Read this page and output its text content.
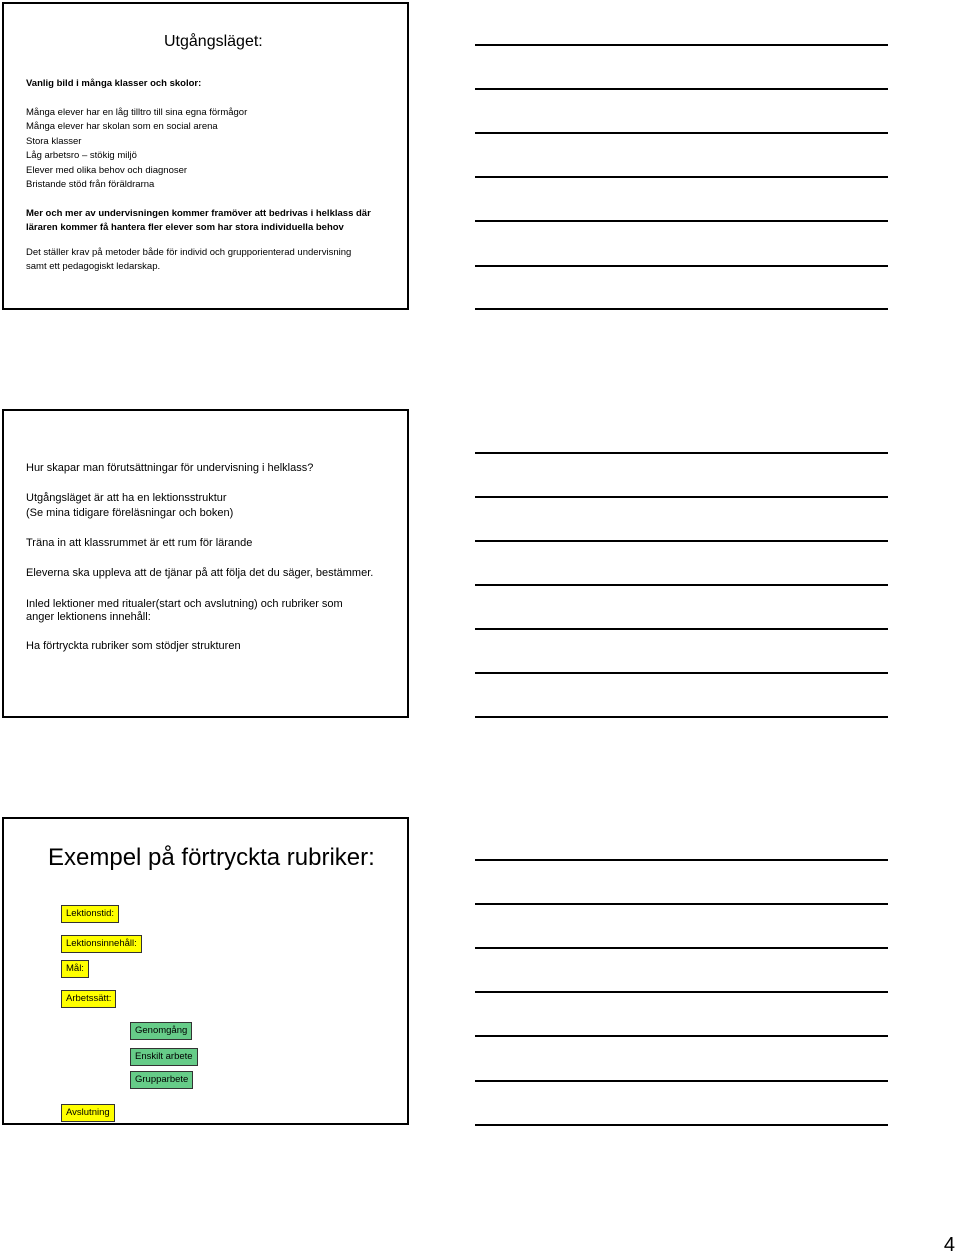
Utgångsläget:
Vanlig bild i många klasser och skolor:
Många elever har en låg tilltro till sina egna förmågor
Många elever har skolan som en social arena
Stora klasser
Låg arbetsro – stökig miljö
Elever med olika behov och diagnoser
Bristande stöd från föräldrarna
Mer och mer av undervisningen kommer framöver att bedrivas i helklass där
läraren kommer få hantera fler elever som har stora individuella behov
Det ställer krav på metoder både för individ och grupporienterad undervisning
samt ett pedagogiskt ledarskap.
Hur skapar man förutsättningar för undervisning i helklass?
Utgångsläget är att ha en lektionsstruktur
(Se mina tidigare föreläsningar och boken)
Träna in att klassrummet är ett rum för lärande
Eleverna ska uppleva att de tjänar på att följa det du säger, bestämmer.
Inled lektioner med ritualer(start och avslutning) och rubriker som
anger lektionens innehåll:
Ha förtryckta rubriker som stödjer strukturen
Exempel på förtryckta rubriker:
Lektionstid:
Lektionsinnehåll:
Mål:
Arbetssätt:
Genomgång
Enskilt arbete
Grupparbete
Avslutning
4
